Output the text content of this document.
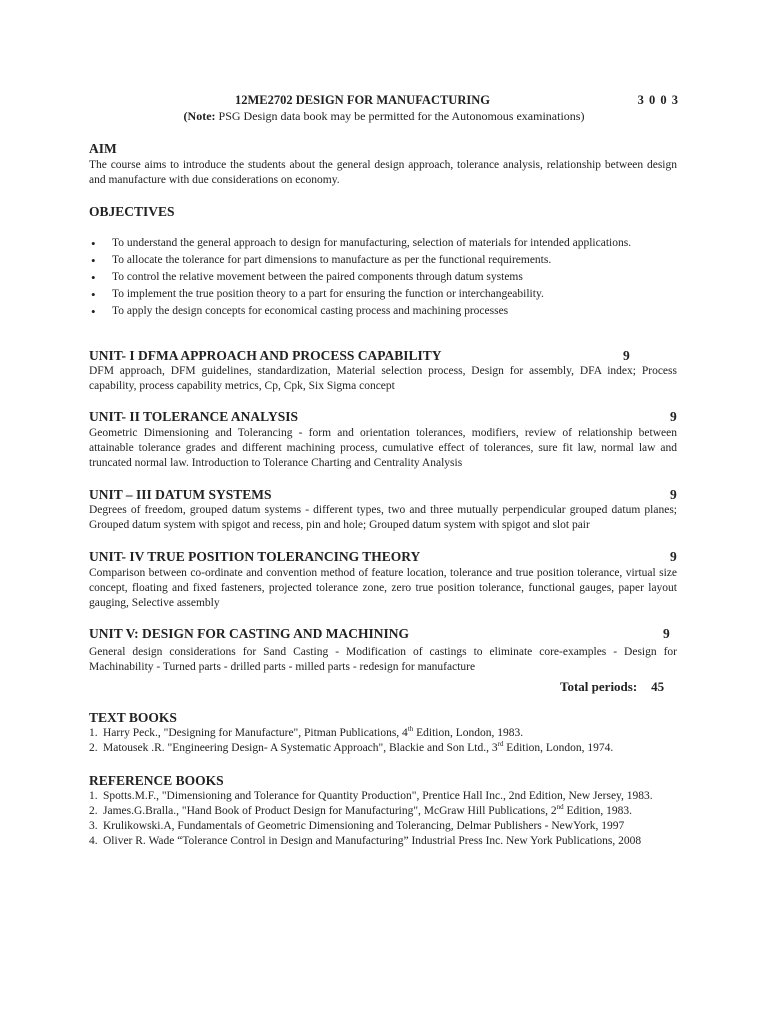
12ME2702 DESIGN FOR MANUFACTURING	3 0 0 3
(Note: PSG Design data book may be permitted for the Autonomous examinations)
AIM

The course aims to introduce the students about the general design approach, tolerance analysis, relationship between design and manufacture with due considerations on economy.

OBJECTIVES
• To understand the general approach to design for manufacturing, selection of materials for intended applications.
• To allocate the tolerance for part dimensions to manufacture as per the functional requirements.
• To control the relative movement between the paired components through datum systems
• To implement the true position theory to a part for ensuring the function or interchangeability.
• To apply the design concepts for economical casting process and machining processes
UNIT- I DFMA APPROACH AND PROCESS CAPABILITY	9

DFM approach, DFM guidelines, standardization, Material selection process, Design for assembly, DFA index; Process capability, process capability metrics, Cp, Cpk, Six Sigma concept

UNIT- II TOLERANCE ANALYSIS	9

Geometric Dimensioning and Tolerancing - form and orientation tolerances, modifiers, review of relationship between attainable tolerance grades and different machining process, cumulative effect of tolerances, sure fit law, normal law and truncated normal law. Introduction to Tolerance Charting and Centrality Analysis

UNIT – III DATUM SYSTEMS	9

Degrees of freedom, grouped datum systems - different types, two and three mutually perpendicular grouped datum planes; Grouped datum system with spigot and recess, pin and hole; Grouped datum system with spigot and slot pair

UNIT- IV TRUE POSITION TOLERANCING THEORY	9

Comparison between co-ordinate and convention method of feature location, tolerance and true position tolerance, virtual size concept, floating and fixed fasteners, projected tolerance zone, zero true position tolerance, functional gauges, paper layout gauging, Selective assembly

UNIT V: DESIGN FOR CASTING AND MACHINING	9

General design considerations for Sand Casting - Modification of castings to eliminate core-examples - Design for Machinability - Turned parts - drilled parts - milled parts - redesign for manufacture

Total periods: 45
TEXT BOOKS
1. Harry Peck., "Designing for Manufacture", Pitman Publications, 4th Edition, London, 1983.
2. Matousek .R. "Engineering Design- A Systematic Approach", Blackie and Son Ltd., 3rd Edition, London, 1974.
REFERENCE BOOKS
1. Spotts.M.F., "Dimensioning and Tolerance for Quantity Production", Prentice Hall Inc., 2nd Edition, New Jersey, 1983.
2. James.G.Bralla., "Hand Book of Product Design for Manufacturing", McGraw Hill Publications, 2nd Edition, 1983.
3. Krulikowski.A, Fundamentals of Geometric Dimensioning and Tolerancing, Delmar Publishers - NewYork, 1997
4. Oliver R. Wade “Tolerance Control in Design and Manufacturing” Industrial Press Inc. New York Publications, 2008
